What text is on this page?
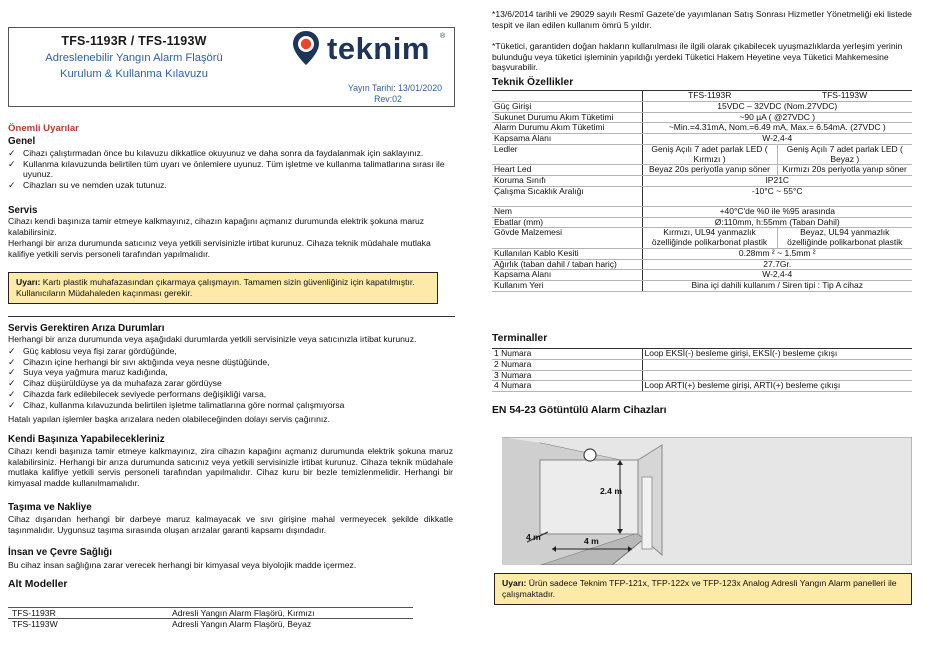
TFS-1193R / TFS-1193W
Adreslenebilir Yangın Alarm Flaşörü
Kurulum & Kullanma Kılavuzu
teknim ®
Yayın Tarihi: 13/01/2020
Rev:02
Önemli Uyarılar
Genel
✓ Cihazı çalıştırmadan önce bu kılavuzu dikkatlice okuyunuz ve daha sonra da faydalanmak için saklayınız.
✓ Kullanma kılavuzunda belirtilen tüm uyarı ve önlemlere uyunuz. Tüm işletme ve kullanma talimatlarına sırası ile uyunuz.
✓ Cihazları su ve nemden uzak tutunuz.
Servis
Cihazı kendi başınıza tamir etmeye kalkmayınız, cihazın kapağını açmanız durumunda elektrik şokuna maruz kalabilirsiniz.
Herhangi bir arıza durumunda satıcınız veya yetkili servisinizle irtibat kurunuz. Cihaza teknik müdahale mutlaka kalifiye yetkili servis personeli tarafından yapılmalıdır.
Uyarı: Kartı plastik muhafazasından çıkarmaya çalışmayın. Tamamen sizin güvenliğiniz için kapatılmıştır. Kullanıcıların Müdahaleden kaçınması gerekir.
Servis Gerektiren Arıza Durumları
Herhangi bir arıza durumunda veya aşağıdaki durumlarda yetkili servisinizle veya satıcınızla irtibat kurunuz.
✓ Güç kablosu veya fişi zarar gördüğünde,
✓ Cihazın içine herhangi bir sıvı aktığında veya nesne düştüğünde,
✓ Suya veya yağmura maruz kadığında,
✓ Cihaz düşürüldüyse ya da muhafaza zarar gördüyse
✓ Cihazda fark edilebilecek seviyede performans değişikliği varsa,
✓ Cihaz, kullanma kılavuzunda belirtilen işletme talimatlarına göre normal çalışmıyorsa
Hatalı yapılan işlemler başka arızalara neden olabileceğinden dolayı servis çağırınız.
Kendi Başınıza Yapabilecekleriniz
Cihazı kendi başınıza tamir etmeye kalkmayınız, zira cihazın kapağını açmanız durumunda elektrik şokuna maruz kalabilirsiniz. Herhangi bir arıza durumunda satıcınız veya yetkili servisinizle irtibat kurunuz. Cihaza teknik müdahale mutlaka kalifiye yetkili servis personeli tarafından yapılmalıdır. Cihaz kuru bir bezle temizlenmelidir. Herhangi bir kimyasal madde kullanılmamalıdır.
Taşıma ve Nakliye
Cihaz dışarıdan herhangi bir darbeye maruz kalmayacak ve sıvı girişine mahal vermeyecek şekilde dikkatle taşınmalıdır. Uygunsuz taşıma sırasında oluşan arızalar garanti kapsamı dışındadır.
İnsan ve Çevre Sağlığı
Bu cihaz insan sağlığına zarar verecek herhangi bir kimyasal veya biyolojik madde içermez.
Alt Modeller
TFS-1193R	Adresli Yangın Alarm Flaşörü, Kırmızı
TFS-1193W	Adresli Yangın Alarm Flaşörü, Beyaz
*13/6/2014 tarihli ve 29029 sayılı Resmî Gazete'de yayımlanan Satış Sonrası Hizmetler Yönetmeliği eki listede tespit ve ilan edilen kullanım ömrü 5 yıldır.
*Tüketici, garantiden doğan hakların kullanılması ile ilgili olarak çıkabilecek uyuşmazlıklarda yerleşim yerinin bulunduğu veya tüketici işleminin yapıldığı yerdeki Tüketici Hakem Heyetine veya Tüketici Mahkemesine başvurabilir.
Teknik Özellikler
	TFS-1193R	TFS-1193W
Güç Girişi	15VDC – 32VDC (Nom.27VDC)	
Sukunet Durumu Akım Tüketimi	~90 µA ( @27VDC )	
Alarm Durumu Akım Tüketimi	~Min.=4.31mA, Nom.=6.49 mA, Max.= 6.54mA. (27VDC )	
Kapsama Alanı	W-2,4-4	
Ledler	Geniş Açılı 7 adet parlak LED ( Kırmızı )	Geniş Açılı 7 adet parlak LED ( Beyaz )
Heart Led	Beyaz 20s periyotla yanıp söner	Kırmızı 20s periyotla yanıp söner
Koruma Sınıfı	IP21C	
Çalışma Sıcaklık Aralığı	-10°C ~ 55°C	
Nem	+40°C'de %0 ile %95 arasında	
Ebatlar (mm)	Ø:110mm, h:55mm (Taban Dahil)	
Gövde Malzemesi	Kırmızı, UL94 yanmazlık özelliğinde polikarbonat plastik	Beyaz, UL94 yanmazlık özelliğinde polikarbonat plastik
Kullanılan Kablo Kesiti	0.28mm ² ~ 1.5mm ²	
Ağırlık (taban dahil / taban hariç)	27.7Gr.	
Kapsama Alanı	W-2,4-4	
Kullanım Yeri	Bina içi dahili kullanım / Siren tipi : Tip A cihaz	
Terminaller
1 Numara	Loop EKSİ(-) besleme girişi, EKSİ(-) besleme çıkışı
2 Numara	
3 Numara	
4 Numara	Loop ARTI(+) besleme girişi, ARTI(+) besleme çıkışı
EN 54-23 Götüntülü Alarm Cihazları
2.4 m
4 m	4 m
Uyarı: Ürün sadece Teknim TFP-121x, TFP-122x ve TFP-123x Analog Adresli Yangın Alarm panelleri ile çalışmaktadır.
